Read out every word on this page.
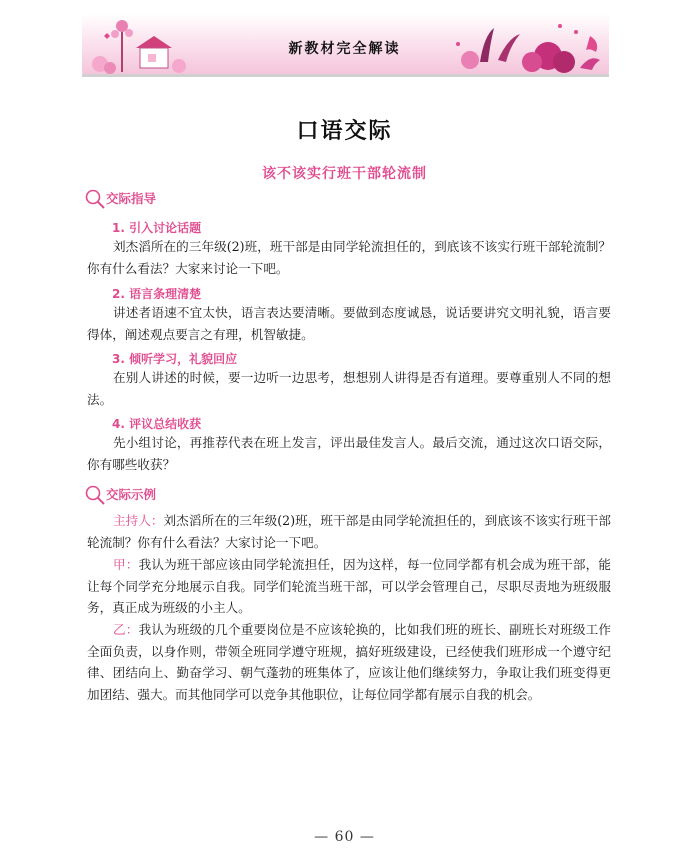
新教材完全解读
口语交际
该不该实行班干部轮流制
交际指导
1. 引入讨论话题

刘杰滔所在的三年级(2)班，班干部是由同学轮流担任的，到底该不该实行班干部轮流制？你有什么看法？大家来讨论一下吧。

2. 语言条理清楚

讲述者语速不宜太快，语言表达要清晰。要做到态度诚恳，说话要讲究文明礼貌，语言要得体，阐述观点要言之有理，机智敏捷。

3. 倾听学习，礼貌回应

在别人讲述的时候，要一边听一边思考，想想别人讲得是否有道理。要尊重别人不同的想法。

4. 评议总结收获

先小组讨论，再推荐代表在班上发言，评出最佳发言人。最后交流，通过这次口语交际，你有哪些收获？

交际示例

主持人：刘杰滔所在的三年级(2)班，班干部是由同学轮流担任的，到底该不该实行班干部轮流制？你有什么看法？大家讨论一下吧。

甲：我认为班干部应该由同学轮流担任，因为这样，每一位同学都有机会成为班干部，能让每个同学充分地展示自我。同学们轮流当班干部，可以学会管理自己，尽职尽责地为班级服务，真正成为班级的小主人。

乙：我认为班级的几个重要岗位是不应该轮换的，比如我们班的班长、副班长对班级工作全面负责，以身作则，带领全班同学遵守班规，搞好班级建设，已经使我们班形成一个遵守纪律、团结向上、勤奋学习、朝气蓬勃的班集体了，应该让他们继续努力，争取让我们班变得更加团结、强大。而其他同学可以竞争其他职位，让每位同学都有展示自我的机会。

— 60 —
